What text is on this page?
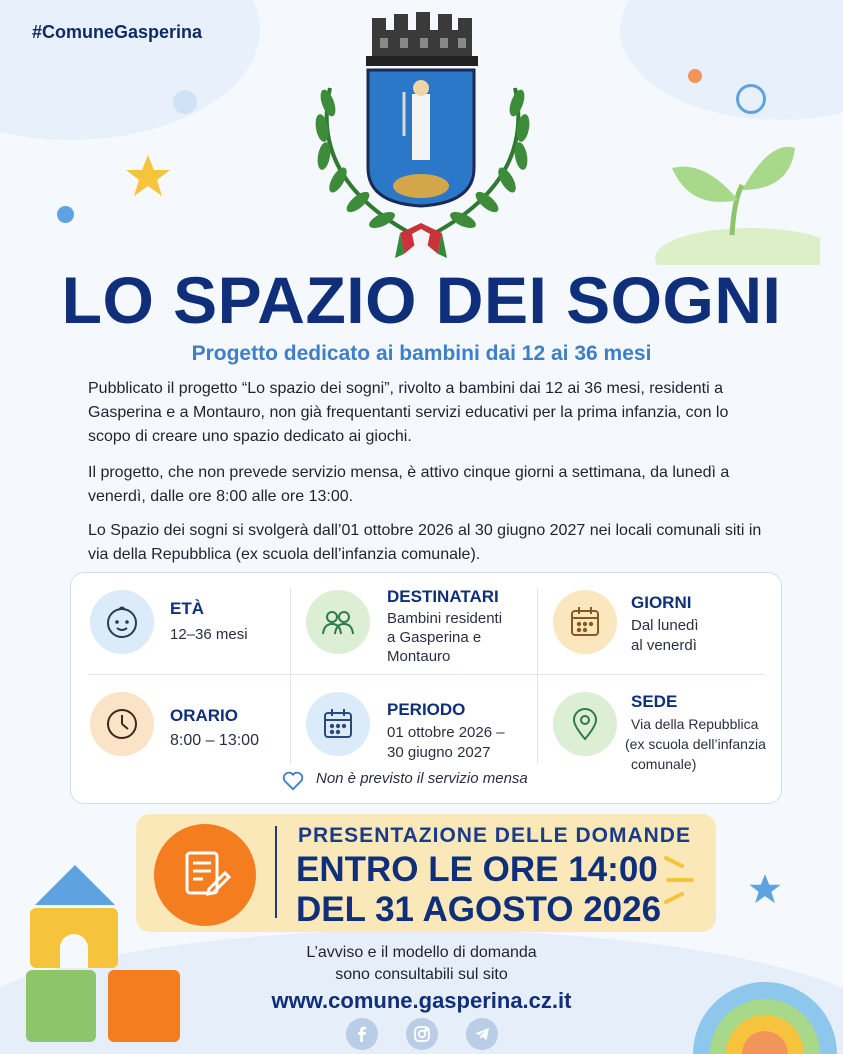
#ComuneGasperina
LO SPAZIO DEI SOGNI
Progetto dedicato ai bambini dai 12 ai 36 mesi

Pubblicato il progetto “Lo spazio dei sogni”, rivolto a bambini dai 12 ai 36 mesi, residenti a Gasperina e a Montauro, non già frequentanti servizi educativi per la prima infanzia, con lo scopo di creare uno spazio dedicato ai giochi.

Il progetto, che non prevede servizio mensa, è attivo cinque giorni a settimana, da lunedì a venerdì, dalle ore 8:00 alle ore 13:00.

Lo Spazio dei sogni si svolgerà dall’01 ottobre 2026 al 30 giugno 2027 nei locali comunali siti in via della Repubblica (ex scuola dell’infanzia comunale).

ETÀ
12–36 mesi
DESTINATARI
Bambini residenti
a Gasperina e
Montauro
GIORNI
Dal lunedì
al venerdì
ORARIO
8:00 – 13:00
PERIODO
01 ottobre 2026 –
30 giugno 2027
SEDE
Via della Repubblica
(ex scuola dell’infanzia
comunale)
Non è previsto il servizio mensa
PRESENTAZIONE DELLE DOMANDE
ENTRO LE ORE 14:00
DEL 31 AGOSTO 2026
L’avviso e il modello di domanda
sono consultabili sul sito
www.comune.gasperina.cz.it
